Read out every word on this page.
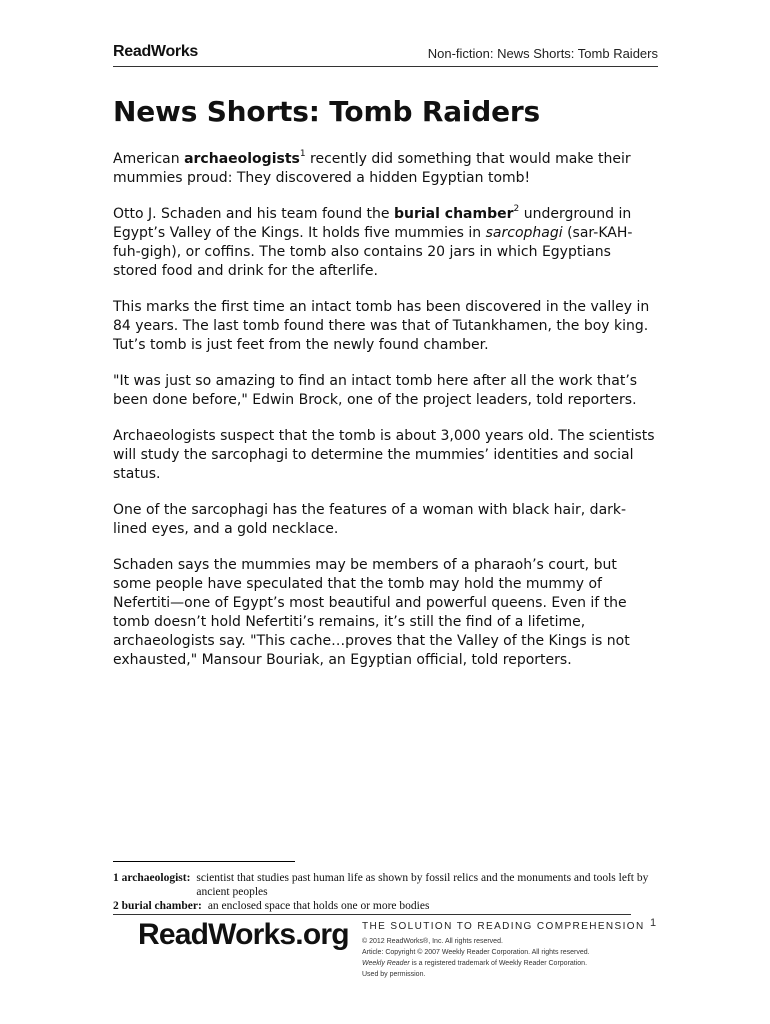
ReadWorks	Non-fiction: News Shorts: Tomb Raiders
News Shorts: Tomb Raiders

American archaeologists$^1$ recently did something that would make their mummies proud: They discovered a hidden Egyptian tomb!

Otto J. Schaden and his team found the burial chamber$^2$ underground in Egypt’s Valley of the Kings. It holds five mummies in sarcophagi (sar-KAH-fuh-gigh), or coffins. The tomb also contains 20 jars in which Egyptians stored food and drink for the afterlife.

This marks the first time an intact tomb has been discovered in the valley in 84 years. The last tomb found there was that of Tutankhamen, the boy king. Tut’s tomb is just feet from the newly found chamber.

"It was just so amazing to find an intact tomb here after all the work that’s been done before," Edwin Brock, one of the project leaders, told reporters.

Archaeologists suspect that the tomb is about 3,000 years old. The scientists will study the sarcophagi to determine the mummies’ identities and social status.

One of the sarcophagi has the features of a woman with black hair, dark-lined eyes, and a gold necklace.

Schaden says the mummies may be members of a pharaoh’s court, but some people have speculated that the tomb may hold the mummy of Nefertiti—one of Egypt’s most beautiful and powerful queens. Even if the tomb doesn’t hold Nefertiti’s remains, it’s still the find of a lifetime, archaeologists say. "This cache…proves that the Valley of the Kings is not exhausted," Mansour Bouriak, an Egyptian official, told reporters.

1 archaeologist: scientist that studies past human life as shown by fossil relics and the monuments and tools left by ancient peoples
2 burial chamber: an enclosed space that holds one or more bodies
1
ReadWorks.org THE SOLUTION TO READING COMPREHENSION
© 2012 ReadWorks®, Inc. All rights reserved.
Article: Copyright © 2007 Weekly Reader Corporation. All rights reserved.
Weekly Reader is a registered trademark of Weekly Reader Corporation.
Used by permission.
